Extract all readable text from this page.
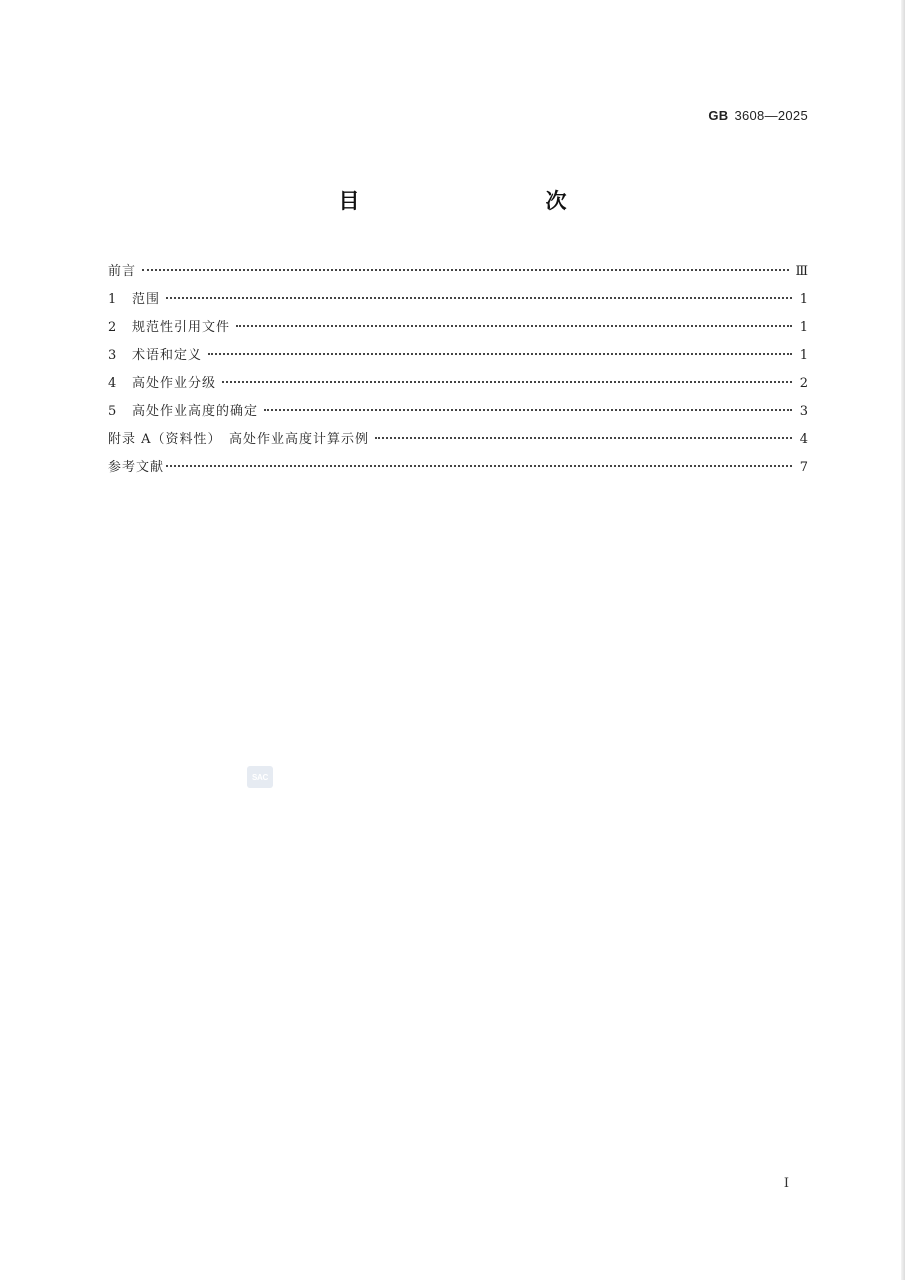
GB 3608—2025
目　　次
前言	Ⅲ
1	范围	1
2	规范性引用文件	1
3	术语和定义	1
4	高处作业分级	2
5	高处作业高度的确定	3
附录 A（资料性）　高处作业高度计算示例	4
参考文献	7
SAC
I
